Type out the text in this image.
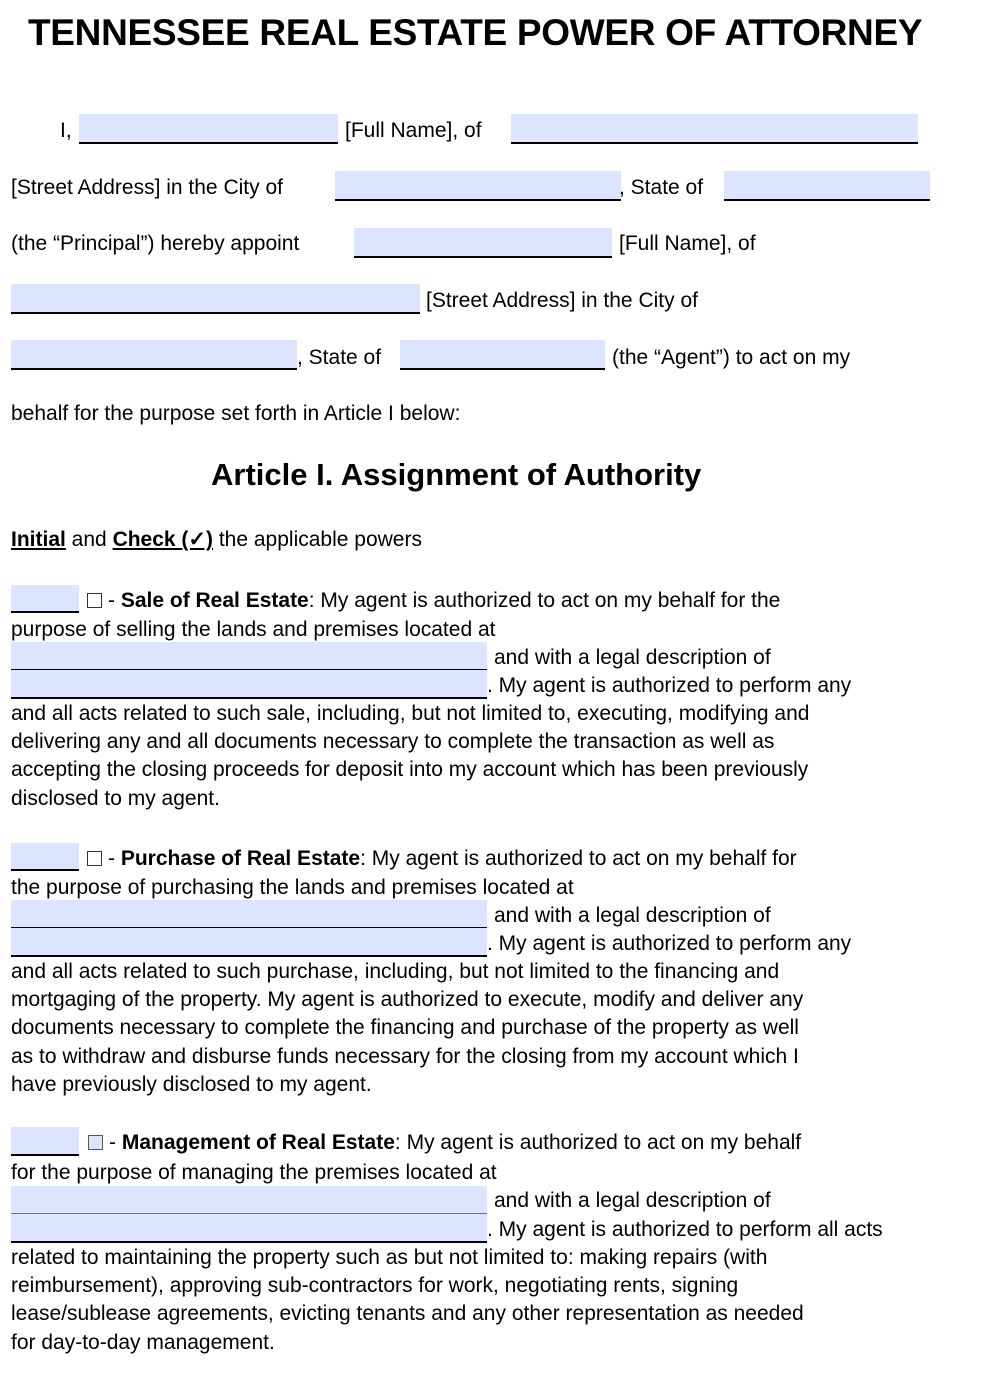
TENNESSEE REAL ESTATE POWER OF ATTORNEY
I,	[Full Name], of
[Street Address] in the City of	, State of
(the “Principal”) hereby appoint	[Full Name], of
[Street Address] in the City of
, State of	(the “Agent”) to act on my
behalf for the purpose set forth in Article I below:
Article I. Assignment of Authority
Initial and Check (✓) the applicable powers
- Sale of Real Estate: My agent is authorized to act on my behalf for the
purpose of selling the lands and premises located at
and with a legal description of
. My agent is authorized to perform any
and all acts related to such sale, including, but not limited to, executing, modifying and
delivering any and all documents necessary to complete the transaction as well as
accepting the closing proceeds for deposit into my account which has been previously
disclosed to my agent.
- Purchase of Real Estate: My agent is authorized to act on my behalf for
the purpose of purchasing the lands and premises located at
and with a legal description of
. My agent is authorized to perform any
and all acts related to such purchase, including, but not limited to the financing and
mortgaging of the property. My agent is authorized to execute, modify and deliver any
documents necessary to complete the financing and purchase of the property as well
as to withdraw and disburse funds necessary for the closing from my account which I
have previously disclosed to my agent.
- Management of Real Estate: My agent is authorized to act on my behalf
for the purpose of managing the premises located at
and with a legal description of
. My agent is authorized to perform all acts
related to maintaining the property such as but not limited to: making repairs (with
reimbursement), approving sub-contractors for work, negotiating rents, signing
lease/sublease agreements, evicting tenants and any other representation as needed
for day-to-day management.
